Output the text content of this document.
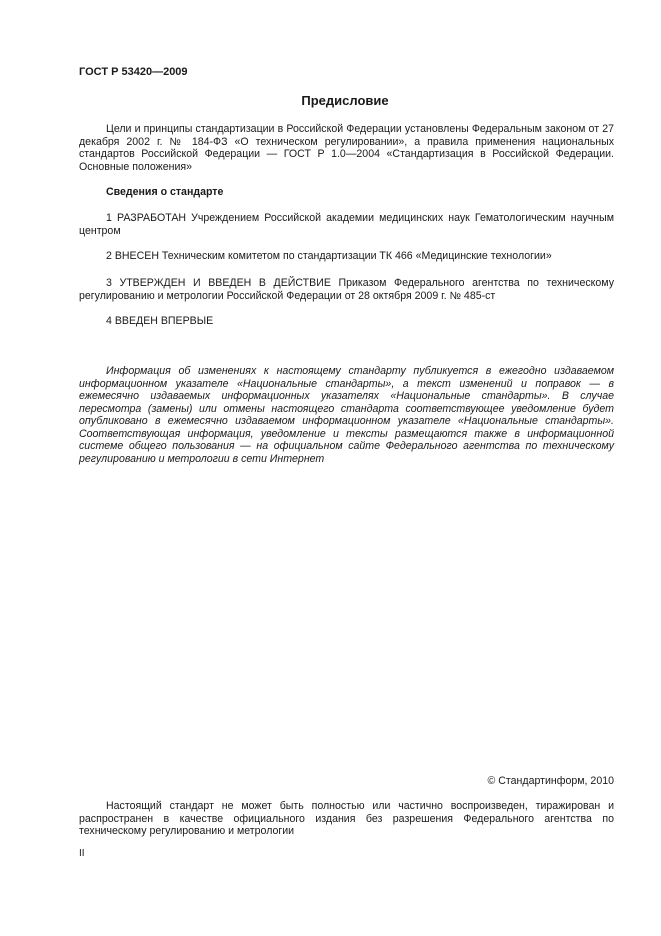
ГОСТ Р 53420—2009
Предисловие
Цели и принципы стандартизации в Российской Федерации установлены Федеральным законом от 27 декабря 2002 г. № 184-ФЗ «О техническом регулировании», а правила применения национальных стандартов Российской Федерации — ГОСТ Р 1.0—2004 «Стандартизация в Российской Федерации. Основные положения»
Сведения о стандарте
1 РАЗРАБОТАН Учреждением Российской академии медицинских наук Гематологическим научным центром
2 ВНЕСЕН Техническим комитетом по стандартизации ТК 466 «Медицинские технологии»
3 УТВЕРЖДЕН И ВВЕДЕН В ДЕЙСТВИЕ Приказом Федерального агентства по техническому регулированию и метрологии Российской Федерации от 28 октября 2009 г. № 485-ст
4 ВВЕДЕН ВПЕРВЫЕ
Информация об изменениях к настоящему стандарту публикуется в ежегодно издаваемом информационном указателе «Национальные стандарты», а текст изменений и поправок — в ежемесячно издаваемых информационных указателях «Национальные стандарты». В случае пересмотра (замены) или отмены настоящего стандарта соответствующее уведомление будет опубликовано в ежемесячно издаваемом информационном указателе «Национальные стандарты». Соответствующая информация, уведомление и тексты размещаются также в информационной системе общего пользования — на официальном сайте Федерального агентства по техническому регулированию и метрологии в сети Интернет
© Стандартинформ, 2010
Настоящий стандарт не может быть полностью или частично воспроизведен, тиражирован и распространен в качестве официального издания без разрешения Федерального агентства по техническому регулированию и метрологии
II
